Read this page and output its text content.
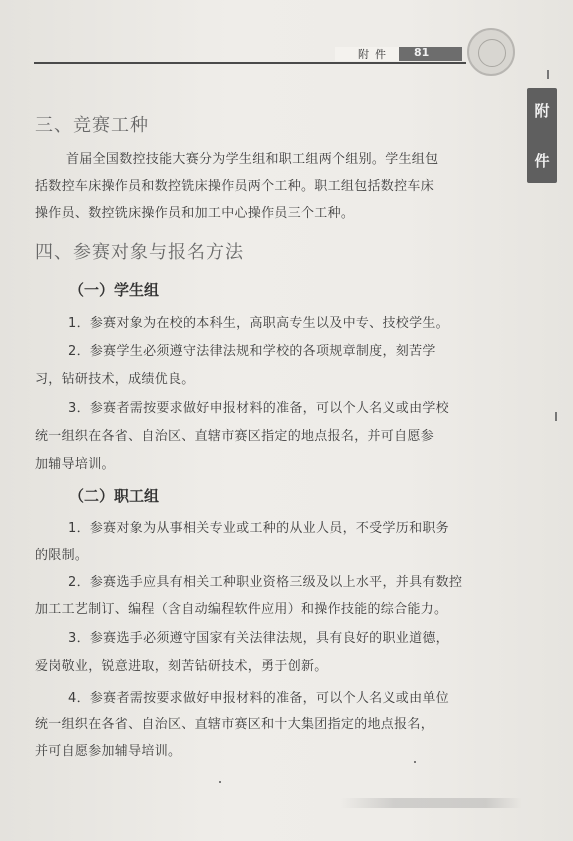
附件 81
附
件
三、竞赛工种
首届全国数控技能大赛分为学生组和职工组两个组别。学生组包
括数控车床操作员和数控铣床操作员两个工种。职工组包括数控车床
操作员、数控铣床操作员和加工中心操作员三个工种。
四、参赛对象与报名方法
（一）学生组
1．参赛对象为在校的本科生，高职高专生以及中专、技校学生。
2．参赛学生必须遵守法律法规和学校的各项规章制度，刻苦学
习，钻研技术，成绩优良。
3．参赛者需按要求做好申报材料的准备，可以个人名义或由学校
统一组织在各省、自治区、直辖市赛区指定的地点报名，并可自愿参
加辅导培训。
（二）职工组
1．参赛对象为从事相关专业或工种的从业人员，不受学历和职务
的限制。
2．参赛选手应具有相关工种职业资格三级及以上水平，并具有数控
加工工艺制订、编程（含自动编程软件应用）和操作技能的综合能力。
3．参赛选手必须遵守国家有关法律法规，具有良好的职业道德，
爱岗敬业，锐意进取，刻苦钻研技术，勇于创新。
4．参赛者需按要求做好申报材料的准备，可以个人名义或由单位
统一组织在各省、自治区、直辖市赛区和十大集团指定的地点报名，
并可自愿参加辅导培训。
